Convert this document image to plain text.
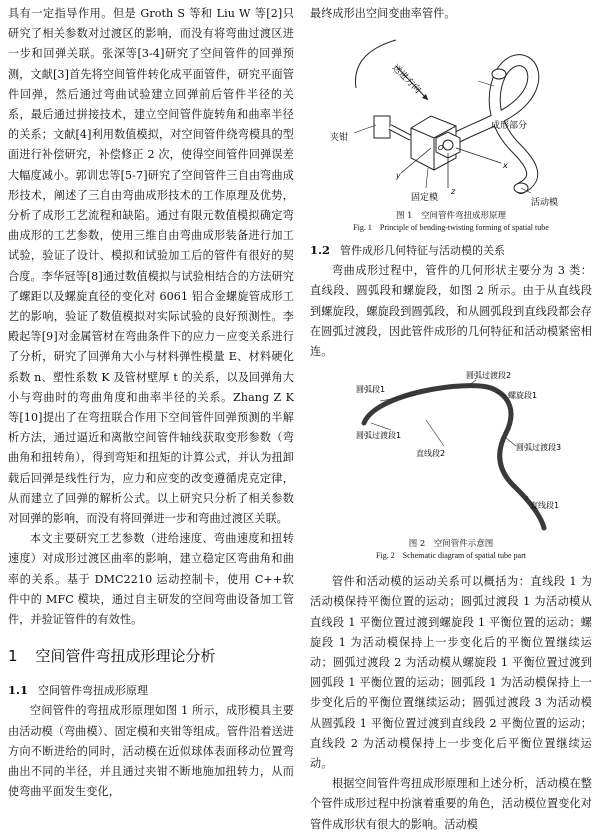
具有一定指导作用。但是 Groth S 等和 Liu W 等[2]只研究了相关参数对过渡区的影响，而没有将弯曲过渡区进一步和回弹关联。张深等[3-4]研究了空间管件的回弹预测，文献[3]首先将空间管件转化成平面管件，研究平面管件回弹，然后通过弯曲试验建立回弹前后管件半径的关系，最后通过拼接技术，建立空间管件旋转角和曲率半径的关系；文献[4]利用数值模拟，对空间管件绕弯模具的型面进行补偿研究，补偿修正 2 次，使得空间管件回弹误差大幅度减小。郭训忠等[5-7]研究了空间管件三自由弯曲成形技术，阐述了三自由弯曲成形技术的工作原理及优势，分析了成形工艺流程和缺陷。通过有限元数值模拟确定弯曲成形的工艺参数，使用三维自由弯曲成形装备进行加工试验，验证了设计、模拟和试验加工后的管件有很好的契合度。李华冠等[8]通过数值模拟与试验相结合的方法研究了螺距以及螺旋直径的变化对 6061 铝合金螺旋管成形工艺的影响，验证了数值模拟对实际试验的良好预测性。李殿起等[9]对金属管材在弯曲条件下的应力－应变关系进行了分析，研究了回弹角大小与材料弹性模量 E、材料硬化系数 n、塑性系数 K 及管材壁厚 t 的关系，以及回弹角大小与弯曲时的弯曲角度和曲率半径的关系。Zhang Z K 等[10]提出了在弯扭联合作用下空间管件回弹预测的半解析方法，通过逼近和离散空间管件轴线获取变形参数（弯曲角和扭转角），得到弯矩和扭矩的计算公式，并认为扭卸载后回弹是线性行为，应力和应变的改变遵循虎克定律，从而建立了回弹的解析公式。以上研究只分析了相关参数对回弹的影响，而没有将回弹进一步和弯曲过渡区关联。

本文主要研究工艺参数（进给速度、弯曲速度和扭转速度）对成形过渡区曲率的影响，建立稳定区弯曲角和曲率的关系。基于 DMC2210 运动控制卡，使用 C++软件中的 MFC 模块，通过自主研发的空间弯曲设备加工管件，并验证管件的有效性。

1 空间管件弯扭成形理论分析
1.1 空间管件弯扭成形原理

空间管件的弯扭成形原理如图 1 所示，成形模具主要由活动模（弯曲模）、固定模和夹钳等组成。管件沿着送进方向不断进给的同时，活动模在近似球体表面移动位置弯曲出不同的半径，并且通过夹钳不断地施加扭转力，从而使弯曲平面发生变化，

最终成形出空间变曲率管件。

送进方向
夹钳
成形部分
固定模	活动模
x
y
z
O
图 1　空间管件弯扭成形原理
Fig. 1　Principle of bending-twisting forming of spatial tube
1.2 管件成形几何特征与活动模的关系

弯曲成形过程中，管件的几何形状主要分为 3 类：直线段、圆弧段和螺旋段，如图 2 所示。由于从直线段到螺旋段，螺旋段到圆弧段，和从圆弧段到直线段都会存在圆弧过渡段，因此管件成形的几何特征和活动模紧密相连。

圆弧段1
圆弧过渡段2
螺旋段1
圆弧过渡段1
直线段2
圆弧过渡段3
直线段1
图 2　空间管件示意图
Fig. 2　Schematic diagram of spatial tube part

管件和活动模的运动关系可以概括为：直线段 1 为活动模保持平衡位置的运动；圆弧过渡段 1 为活动模从直线段 1 平衡位置过渡到螺旋段 1 平衡位置的运动；螺旋段 1 为活动模保持上一步变化后的平衡位置继续运动；圆弧过渡段 2 为活动模从螺旋段 1 平衡位置过渡到圆弧段 1 平衡位置的运动；圆弧段 1 为活动模保持上一步变化后的平衡位置继续运动；圆弧过渡段 3 为活动模从圆弧段 1 平衡位置过渡到直线段 2 平衡位置的运动；直线段 2 为活动模保持上一步变化后平衡位置继续运动。

根据空间管件弯扭成形原理和上述分析，活动模在整个管件成形过程中扮演着重要的角色，活动模位置变化对管件成形状有很大的影响。活动模
